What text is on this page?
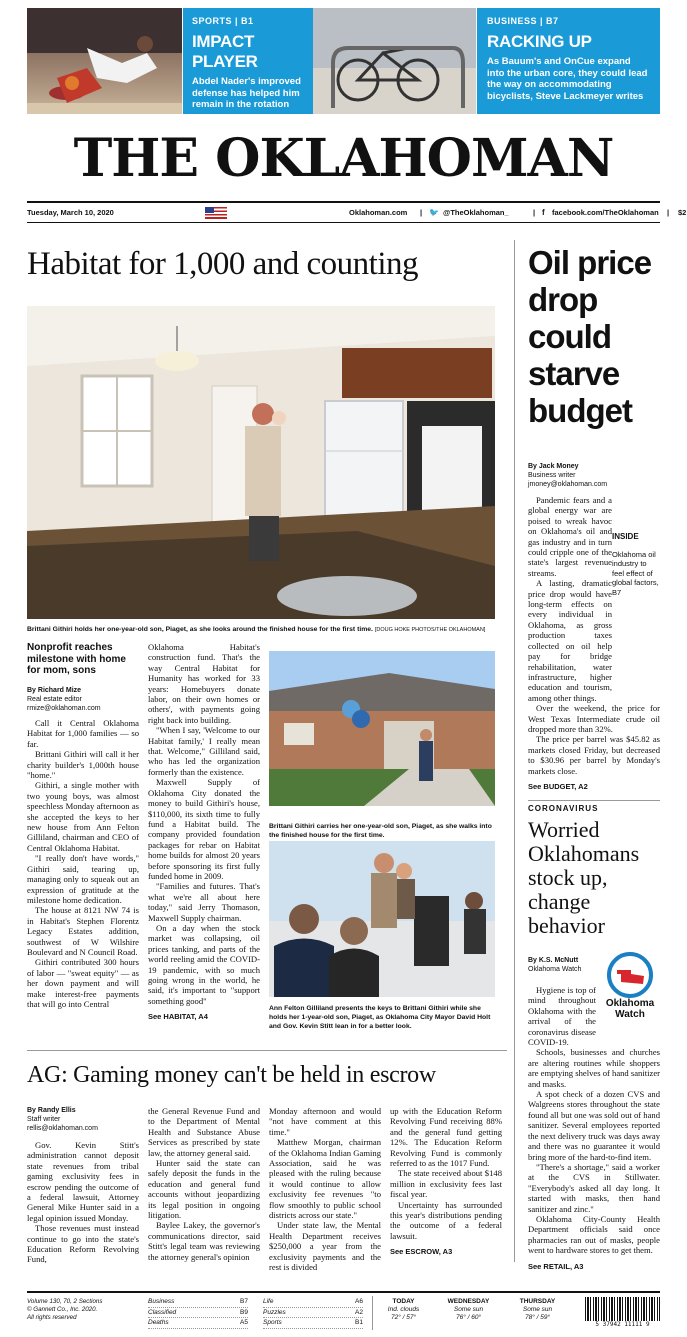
SPORTS | B1
IMPACT PLAYER
Abdel Nader's improved defense has helped him remain in the rotation
BUSINESS | B7
RACKING UP
As Bauum's and OnCue expand into the urban core, they could lead the way on accommodating bicyclists, Steve Lackmeyer writes
THE OKLAHOMAN
Tuesday, March 10, 2020	Oklahoman.com | 🐦 @TheOklahoman_	| f facebook.com/TheOklahoman | $2
Habitat for 1,000 and counting
Brittani Githiri holds her one-year-old son, Piaget, as she looks around the finished house for the first time. [DOUG HOKE PHOTOS/THE OKLAHOMAN]
Nonprofit reaches milestone with home for mom, sons
By Richard Mize
Real estate editor
rmize@oklahoman.com

Call it Central Oklahoma Habitat for 1,000 families — so far.

Brittani Githiri will call it her charity builder's 1,000th house "home."

Githiri, a single mother with two young boys, was almost speechless Monday afternoon as she accepted the keys to her new house from Ann Felton Gilliland, chairman and CEO of Central Oklahoma Habitat.

"I really don't have words," Githiri said, tearing up, managing only to squeak out an expression of gratitude at the milestone home dedication.

The house at 8121 NW 74 is in Habitat's Stephen Florentz Legacy Estates addition, southwest of W Wilshire Boulevard and N Council Road.

Githiri contributed 300 hours of labor — "sweat equity" — as her down payment and will make interest-free payments that will go into Central

Oklahoma Habitat's construction fund. That's the way Central Habitat for Humanity has worked for 33 years: Homebuyers donate labor, on their own homes or others', with payments going right back into building.

"When I say, 'Welcome to our Habitat family,' I really mean that. Welcome," Gilliland said, who has led the organization formerly than the existence.

Maxwell Supply of Oklahoma City donated the money to build Githiri's house, $110,000, its sixth time to fully fund a Habitat build. The company provided foundation packages for rebar on Habitat home builds for almost 20 years before sponsoring its first fully funded home in 2009.

"Families and futures. That's what we're all about here today," said Jerry Thomason, Maxwell Supply chairman.

On a day when the stock market was collapsing, oil prices tanking, and parts of the world reeling amid the COVID-19 pandemic, with so much going wrong in the world, he said, it's important to "support something good"

See HABITAT, A4
Brittani Githiri carries her one-year-old son, Piaget, as she walks into the finished house for the first time.
Ann Felton Gilliland presents the keys to Brittani Githiri while she holds her 1-year-old son, Piaget, as Oklahoma City Mayor David Holt and Gov. Kevin Stitt lean in for a better look.
Oil price drop could starve budget
By Jack Money
Business writer
jmoney@oklahoman.com
INSIDE
Oklahoma oil industry to feel effect of global factors, B7

Pandemic fears and a global energy war are poised to wreak havoc on Oklahoma's oil and gas industry and in turn could cripple one of the state's largest revenue streams.

A lasting, dramatic price drop would have long-term effects on every individual in Oklahoma, as gross production taxes collected on oil help pay for bridge rehabilitation, water infrastructure, higher education and tourism, among other things.

Over the weekend, the price for West Texas Intermediate crude oil dropped more than 32%.

The price per barrel was $45.82 as markets closed Friday, but decreased to $30.96 per barrel by Monday's markets close.

See BUDGET, A2
CORONAVIRUS
Worried Oklahomans stock up, change behavior
By K.S. McNutt
Oklahoma Watch
Oklahoma Watch

Hygiene is top of mind throughout Oklahoma with the arrival of the coronavirus disease COVID-19.

Schools, businesses and churches are altering routines while shoppers are emptying shelves of hand sanitizer and masks.

A spot check of a dozen CVS and Walgreens stores throughout the state found all but one was sold out of hand sanitizer. Several employees reported the next delivery truck was days away and there was no guarantee it would bring more of the hard-to-find item.

"There's a shortage," said a worker at the CVS in Stillwater. "Everybody's asked all day long. It started with masks, then hand sanitizer and zinc."

Oklahoma City-County Health Department officials said once pharmacies ran out of masks, people went to hardware stores to get them.

See RETAIL, A3
AG: Gaming money can't be held in escrow
By Randy Ellis
Staff writer
rellis@oklahoman.com

Gov. Kevin Stitt's administration cannot deposit state revenues from tribal gaming exclusivity fees in escrow pending the outcome of a federal lawsuit, Attorney General Mike Hunter said in a legal opinion issued Monday.

Those revenues must instead continue to go into the state's Education Reform Revolving Fund,

the General Revenue Fund and to the Department of Mental Health and Substance Abuse Services as prescribed by state law, the attorney general said.

Hunter said the state can safely deposit the funds in the education and general fund accounts without jeopardizing its legal position in ongoing litigation.

Baylee Lakey, the governor's communications director, said Stitt's legal team was reviewing the attorney general's opinion

Monday afternoon and would "not have comment at this time."

Matthew Morgan, chairman of the Oklahoma Indian Gaming Association, said he was pleased with the ruling because it would continue to allow exclusivity fee revenues "to flow smoothly to public school districts across our state."

Under state law, the Mental Health Department receives $250,000 a year from the exclusivity payments and the rest is divided

up with the Education Reform Revolving Fund receiving 88% and the general fund getting 12%. The Education Reform Revolving Fund is commonly referred to as the 1017 Fund.

The state received about $148 million in exclusivity fees last fiscal year.

Uncertainty has surrounded this year's distributions pending the outcome of a federal lawsuit.

See ESCROW, A3
Volume 130, 70, 2 Sections
© Gannett Co., Inc. 2020.
All rights reserved
Business	B7
Classified	B9
Deaths	A5
Life	A6
Puzzles	A2
Sports	B1
TODAY
Ind. clouds
72° / 57°
WEDNESDAY
Some sun
76° / 60°
THURSDAY
Some sun
78° / 59°
5 37942 11111 9
